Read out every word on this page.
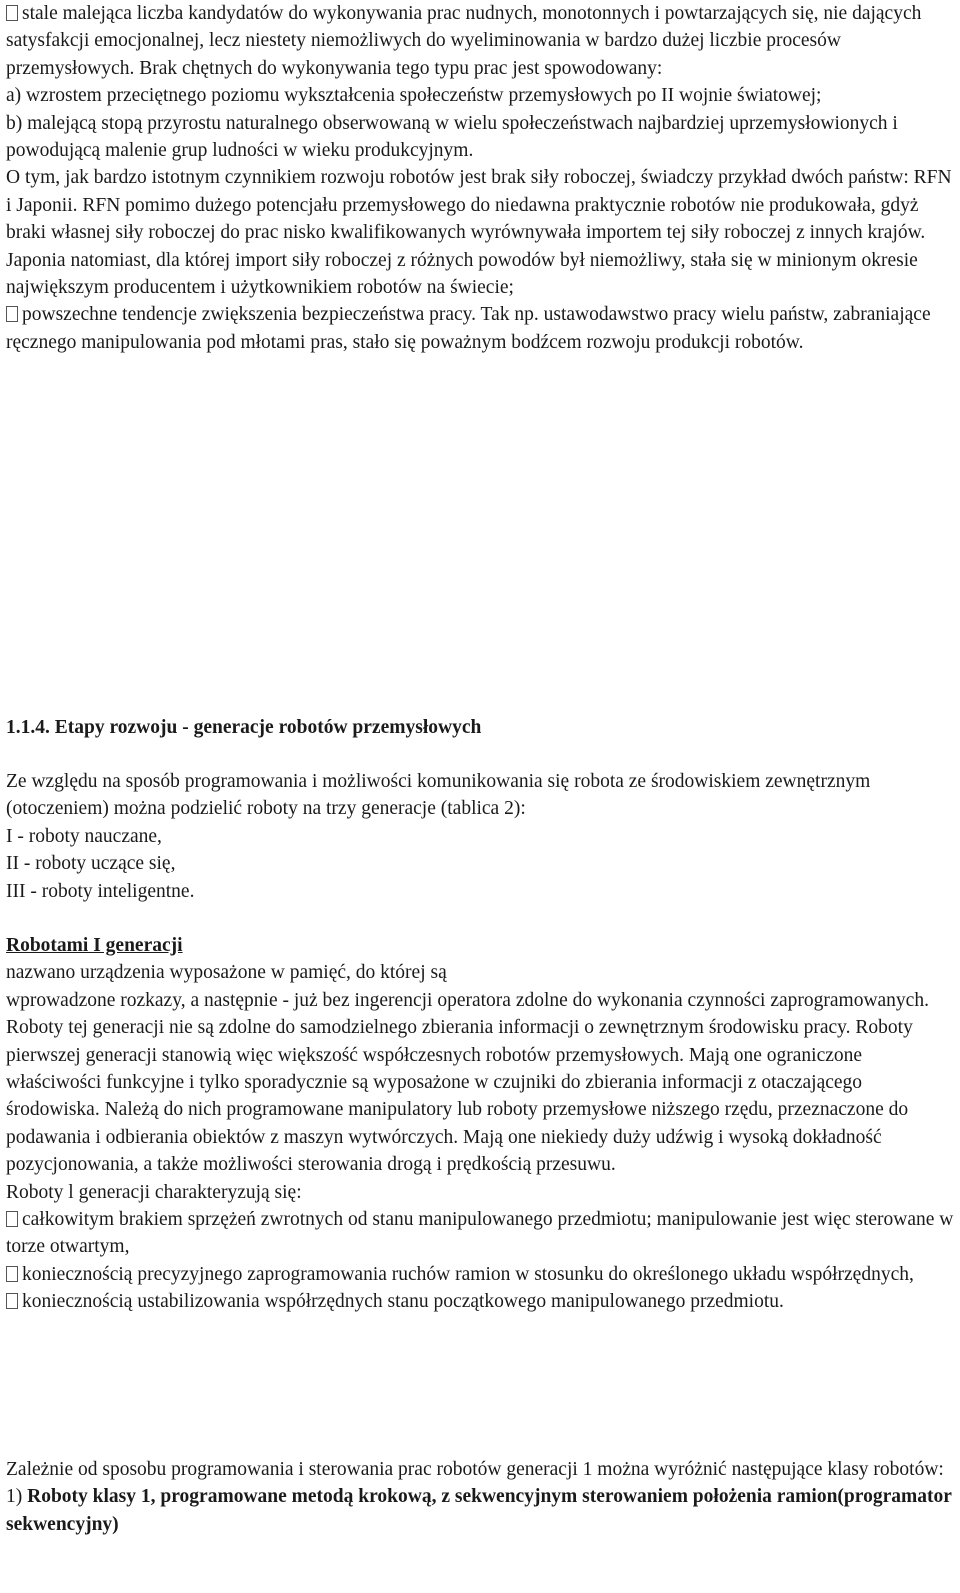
stale malejąca liczba kandydatów do wykonywania prac nudnych, monotonnych i powtarzających się, nie dających satysfakcji emocjonalnej, lecz niestety niemożliwych do wyeliminowania w bardzo dużej liczbie procesów przemysłowych. Brak chętnych do wykonywania tego typu prac jest spowodowany:

a) wzrostem przeciętnego poziomu wykształcenia społeczeństw przemysłowych po II wojnie światowej;

b) malejącą stopą przyrostu naturalnego obserwowaną w wielu społeczeństwach najbardziej uprzemysłowionych i powodującą malenie grup ludności w wieku produkcyjnym.

O tym, jak bardzo istotnym czynnikiem rozwoju robotów jest brak siły roboczej, świadczy przykład dwóch państw: RFN i Japonii. RFN pomimo dużego potencjału przemysłowego do niedawna praktycznie robotów nie produkowała, gdyż braki własnej siły roboczej do prac nisko kwalifikowanych wyrównywała importem tej siły roboczej z innych krajów. Japonia natomiast, dla której import siły roboczej z różnych powodów był niemożliwy, stała się w minionym okresie największym producentem i użytkownikiem robotów na świecie;

powszechne tendencje zwiększenia bezpieczeństwa pracy. Tak np. ustawodawstwo pracy wielu państw, zabraniające ręcznego manipulowania pod młotami pras, stało się poważnym bodźcem rozwoju produkcji robotów.

1.1.4. Etapy rozwoju - generacje robotów przemysłowych

Ze względu na sposób programowania i możliwości komunikowania się robota ze środowiskiem zewnętrznym (otoczeniem) można podzielić roboty na trzy generacje (tablica 2):

I - roboty nauczane,

II - roboty uczące się,

III - roboty inteligentne.

Robotami I generacji

nazwano urządzenia wyposażone w pamięć, do której są

wprowadzone rozkazy, a następnie - już bez ingerencji operatora zdolne do wykonania czynności zaprogramowanych. Roboty tej generacji nie są zdolne do samodzielnego zbierania informacji o zewnętrznym środowisku pracy. Roboty pierwszej generacji stanowią więc większość współczesnych robotów przemysłowych. Mają one ograniczone właściwości funkcyjne i tylko sporadycznie są wyposażone w czujniki do zbierania informacji z otaczającego środowiska. Należą do nich programowane manipulatory lub roboty przemysłowe niższego rzędu, przeznaczone do podawania i odbierania obiektów z maszyn wytwórczych. Mają one niekiedy duży udźwig i wysoką dokładność pozycjonowania, a także możliwości sterowania drogą i prędkością przesuwu.

Roboty l generacji charakteryzują się:

całkowitym brakiem sprzężeń zwrotnych od stanu manipulowanego przedmiotu; manipulowanie jest więc sterowane w torze otwartym,

koniecznością precyzyjnego zaprogramowania ruchów ramion w stosunku do określonego układu współrzędnych,

koniecznością ustabilizowania współrzędnych stanu początkowego manipulowanego przedmiotu.

Zależnie od sposobu programowania i sterowania prac robotów generacji 1 można wyróżnić następujące klasy robotów:

1) Roboty klasy 1, programowane metodą krokową, z sekwencyjnym sterowaniem położenia ramion(programator sekwencyjny)
